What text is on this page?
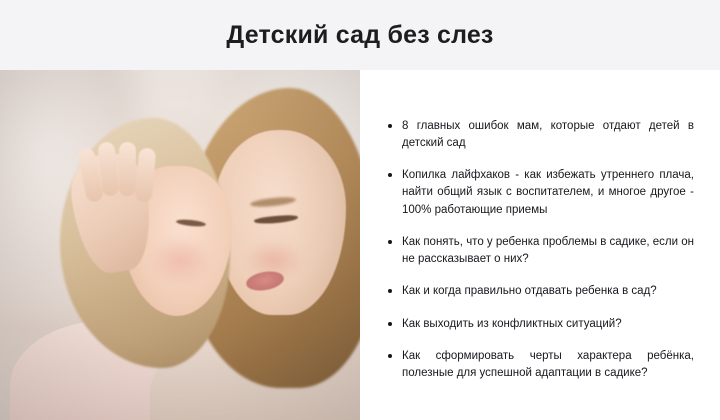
Детский сад без слез
8 главных ошибок мам, которые отдают детей в детский сад
Копилка лайфхаков - как избежать утреннего плача, найти общий язык с воспитателем, и многое другое - 100% работающие приемы
Как понять, что у ребенка проблемы в садике, если он не рассказывает о них?
Как и когда правильно отдавать ребенка в сад?
Как выходить из конфликтных ситуаций?
Как сформировать черты характера ребёнка, полезные для успешной адаптации в садике?
